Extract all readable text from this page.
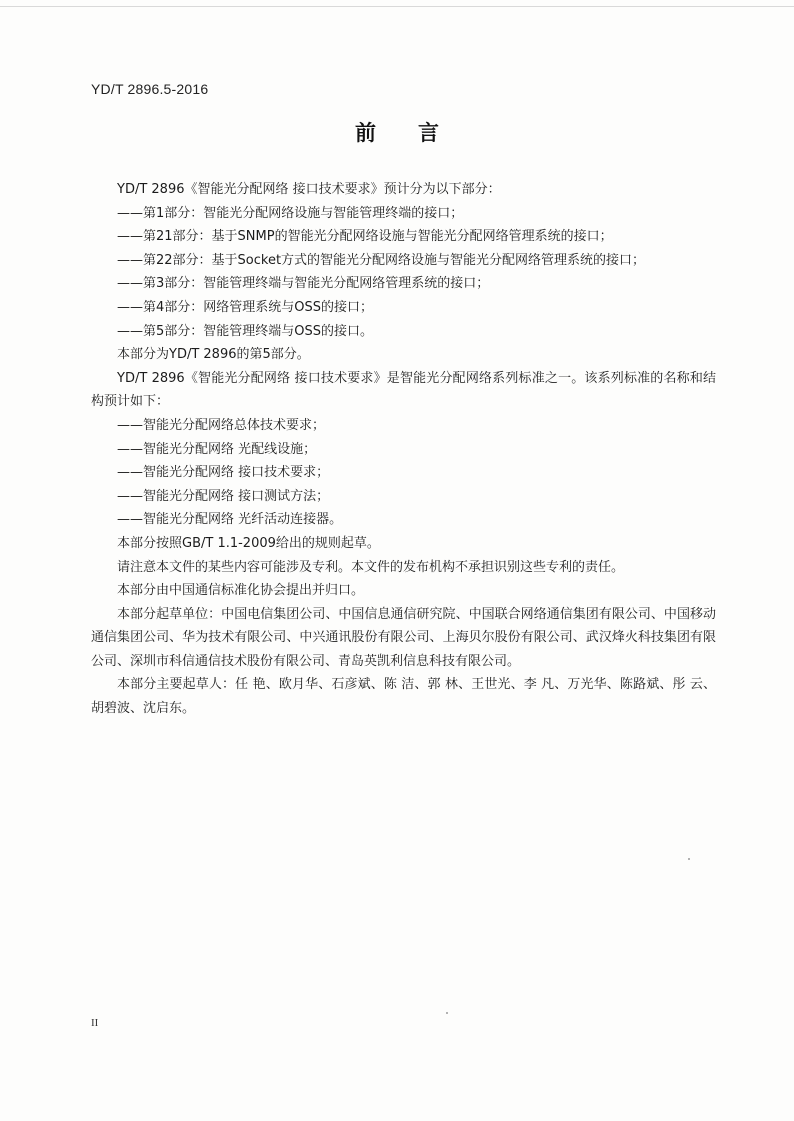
YD/T 2896.5-2016
前 言

YD/T 2896《智能光分配网络 接口技术要求》预计分为以下部分：

——第1部分：智能光分配网络设施与智能管理终端的接口；

——第21部分：基于SNMP的智能光分配网络设施与智能光分配网络管理系统的接口；

——第22部分：基于Socket方式的智能光分配网络设施与智能光分配网络管理系统的接口；

——第3部分：智能管理终端与智能光分配网络管理系统的接口；

——第4部分：网络管理系统与OSS的接口；

——第5部分：智能管理终端与OSS的接口。

本部分为YD/T 2896的第5部分。

YD/T 2896《智能光分配网络 接口技术要求》是智能光分配网络系列标准之一。该系列标准的名称和结构预计如下：

——智能光分配网络总体技术要求；

——智能光分配网络 光配线设施；

——智能光分配网络 接口技术要求；

——智能光分配网络 接口测试方法；

——智能光分配网络 光纤活动连接器。

本部分按照GB/T 1.1-2009给出的规则起草。

请注意本文件的某些内容可能涉及专利。本文件的发布机构不承担识别这些专利的责任。

本部分由中国通信标准化协会提出并归口。

本部分起草单位：中国电信集团公司、中国信息通信研究院、中国联合网络通信集团有限公司、中国移动通信集团公司、华为技术有限公司、中兴通讯股份有限公司、上海贝尔股份有限公司、武汉烽火科技集团有限公司、深圳市科信通信技术股份有限公司、青岛英凯利信息科技有限公司。

本部分主要起草人：任 艳、欧月华、石彦斌、陈 洁、郭 林、王世光、李 凡、万光华、陈路斌、彤 云、胡碧波、沈启东。

II
